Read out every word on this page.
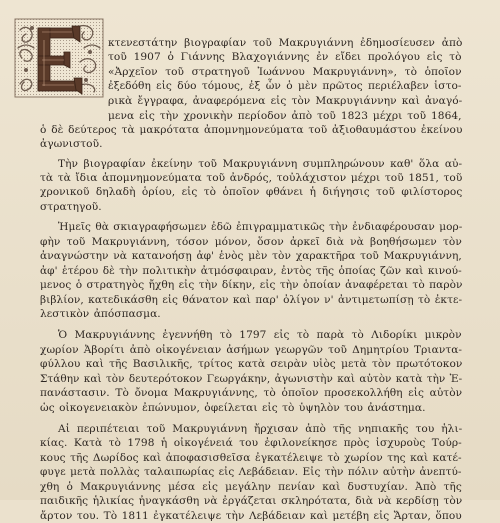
κτενεστάτην βιογραφίαν τοῦ Μακρυγιάννη ἐδημοσίευσεν ἀπὸ
τοῦ 1907 ὁ Γιάννης Βλαχογιάννης ἐν εἴδει προλόγου εἰς τὸ
«Ἀρχεῖον τοῦ στρατηγοῦ Ἰωάννου Μακρυγιάννη», τὸ ὁποῖον
ἐξεδόθη εἰς δύο τόμους, ἐξ ὧν ὁ μὲν πρῶτος περιέλαβεν ἱστο-
ρικὰ ἔγγραφα, ἀναφερόμενα εἰς τὸν Μακρυγιάννην καὶ ἀναγό-
μενα εἰς τὴν χρονικὴν περίοδον ἀπὸ τοῦ 1823 μέχρι τοῦ 1864,
ὁ δὲ δεύτερος τὰ μακρότατα ἀπομνημονεύματα τοῦ ἀξιοθαυμάστου ἐκείνου
ἀγωνιστοῦ.
Τὴν βιογραφίαν ἐκείνην τοῦ Μακρυγιάννη συμπληρώνουν καθ' ὅλα αὐ-
τὰ τὰ ἴδια ἀπομνημονεύματα τοῦ ἀνδρός, τοὐλάχιστον μέχρι τοῦ 1851, τοῦ
χρονικοῦ δηλαδὴ ὁρίου, εἰς τὸ ὁποῖον φθάνει ἡ διήγησις τοῦ φιλίστορος
στρατηγοῦ.
Ἡμεῖς θὰ σκιαγραφήσωμεν ἐδῶ ἐπιγραμματικῶς τὴν ἐνδιαφέρουσαν μορ-
φὴν τοῦ Μακρυγιάννη, τόσον μόνον, ὅσον ἀρκεῖ διὰ νὰ βοηθήσωμεν τὸν
ἀναγνώστην νὰ κατανοήσῃ ἀφ' ἑνὸς μὲν τὸν χαρακτῆρα τοῦ Μακρυγιάννη,
ἀφ' ἑτέρου δὲ τὴν πολιτικὴν ἀτμόσφαιραν, ἐντὸς τῆς ὁποίας ζῶν καὶ κινού-
μενος ὁ στρατηγὸς ἤχθη εἰς τὴν δίκην, εἰς τὴν ὁποίαν ἀναφέρεται τὸ παρὸν
βιβλίον, κατεδικάσθη εἰς θάνατον καὶ παρ' ὀλίγον ν' ἀντιμετωπίσῃ τὸ ἐκτε-
λεστικὸν ἀπόσπασμα.
Ὁ Μακρυγιάννης ἐγεννήθη τὸ 1797 εἰς τὸ παρὰ τὸ Λιδορίκι μικρὸν
χωρίον Ἀβορίτι ἀπὸ οἰκογένειαν ἀσήμων γεωργῶν τοῦ Δημητρίου Τριαντα-
φύλλου καὶ τῆς Βασιλικῆς, τρίτος κατὰ σειρὰν υἱὸς μετὰ τὸν πρωτότοκον
Στάθην καὶ τὸν δευτερότοκον Γεωργάκην, ἀγωνιστὴν καὶ αὐτὸν κατὰ τὴν Ἐ-
πανάστασιν. Τὸ ὄνομα Μακρυγιάννης, τὸ ὁποῖον προσεκολλήθη εἰς αὐτὸν
ὡς οἰκογενειακὸν ἐπώνυμον, ὀφείλεται εἰς τὸ ὑψηλὸν του ἀνάστημα.
Αἱ περιπέτειαι τοῦ Μακρυγιάννη ἤρχισαν ἀπὸ τῆς νηπιακῆς του ἡλι-
κίας. Κατὰ τὸ 1798 ἡ οἰκογένειά του ἐφιλονείκησε πρὸς ἰσχυροὺς Τούρ-
κους τῆς Δωρίδος καὶ ἀποφασισθεῖσα ἐγκατέλειψε τὸ χωρίον της καὶ κατέ-
φυγε μετὰ πολλὰς ταλαιπωρίας εἰς Λεβάδειαν. Εἰς τὴν πόλιν αὐτὴν ἀνεπτύ-
χθη ὁ Μακρυγιάννης μέσα εἰς μεγάλην πενίαν καὶ δυστυχίαν. Ἀπὸ τῆς
παιδικῆς ἡλικίας ἠναγκάσθη νὰ ἐργάζεται σκληρότατα, διὰ νὰ κερδίσῃ τὸν
ἄρτον του. Τὸ 1811 ἐγκατέλειψε τὴν Λεβάδειαν καὶ μετέβη εἰς Ἄρταν, ὅπου
